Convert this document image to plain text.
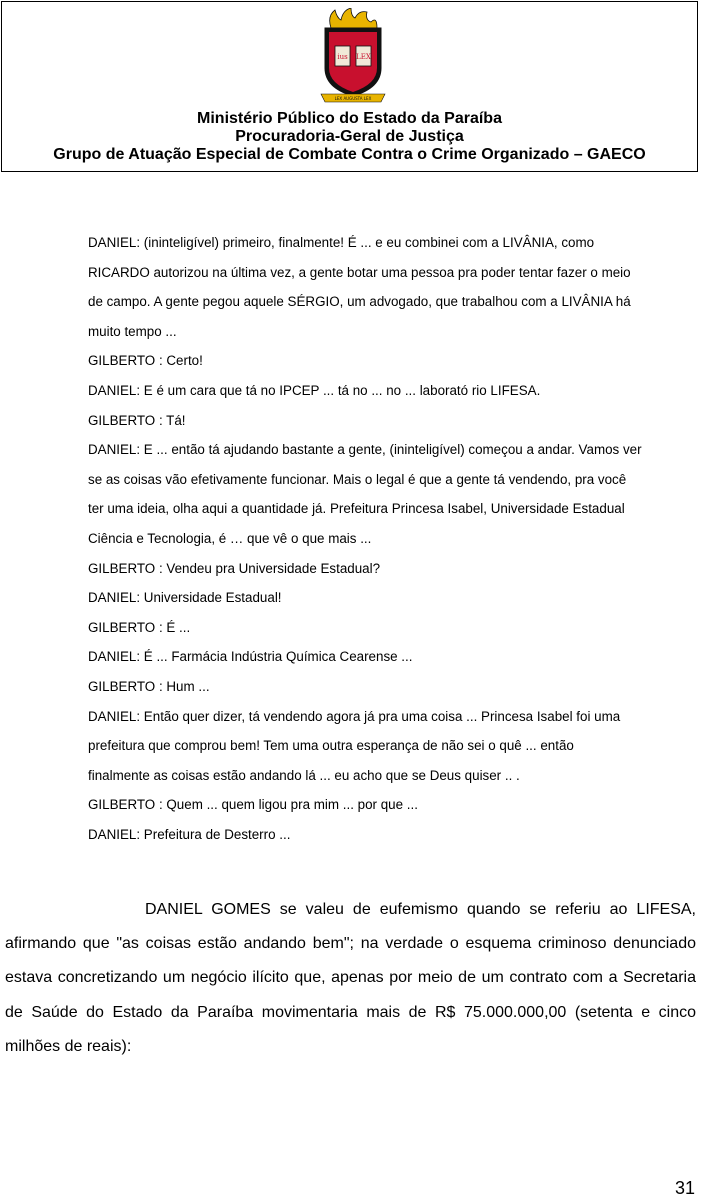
ius LEX
LEX AUGUSTA LEX
Ministério Público do Estado da Paraíba
Procuradoria-Geral de Justiça
Grupo de Atuação Especial de Combate Contra o Crime Organizado – GAECO
DANIEL: (ininteligível) primeiro, finalmente! É ... e eu combinei com a LIVÂNIA, como
RICARDO autorizou na última vez, a gente botar uma pessoa pra poder tentar fazer o meio
de campo. A gente pegou aquele SÉRGIO, um advogado, que trabalhou com a LIVÂNIA há
muito tempo ...
GILBERTO : Certo!
DANIEL: E é um cara que tá no IPCEP ... tá no ... no ... laborató rio LIFESA.
GILBERTO : Tá!
DANIEL: E ... então tá ajudando bastante a gente, (ininteligível) começou a andar. Vamos ver
se as coisas vão efetivamente funcionar. Mais o legal é que a gente tá vendendo, pra você
ter uma ideia, olha aqui a quantidade já. Prefeitura Princesa Isabel, Universidade Estadual
Ciência e Tecnologia, é … que vê o que mais ...
GILBERTO : Vendeu pra Universidade Estadual?
DANIEL: Universidade Estadual!
GILBERTO : É ...
DANIEL: É ... Farmácia Indústria Química Cearense ...
GILBERTO : Hum ...
DANIEL: Então quer dizer, tá vendendo agora já pra uma coisa ... Princesa Isabel foi uma
prefeitura que comprou bem! Tem uma outra esperança de não sei o quê ... então
finalmente as coisas estão andando lá ... eu acho que se Deus quiser .. .
GILBERTO : Quem ... quem ligou pra mim ... por que ...
DANIEL: Prefeitura de Desterro ...

DANIEL GOMES se valeu de eufemismo quando se referiu ao LIFESA, afirmando que "as coisas estão andando bem"; na verdade o esquema criminoso denunciado estava concretizando um negócio ilícito que, apenas por meio de um contrato com a Secretaria de Saúde do Estado da Paraíba movimentaria mais de R$ 75.000.000,00 (setenta e cinco milhões de reais):

31
